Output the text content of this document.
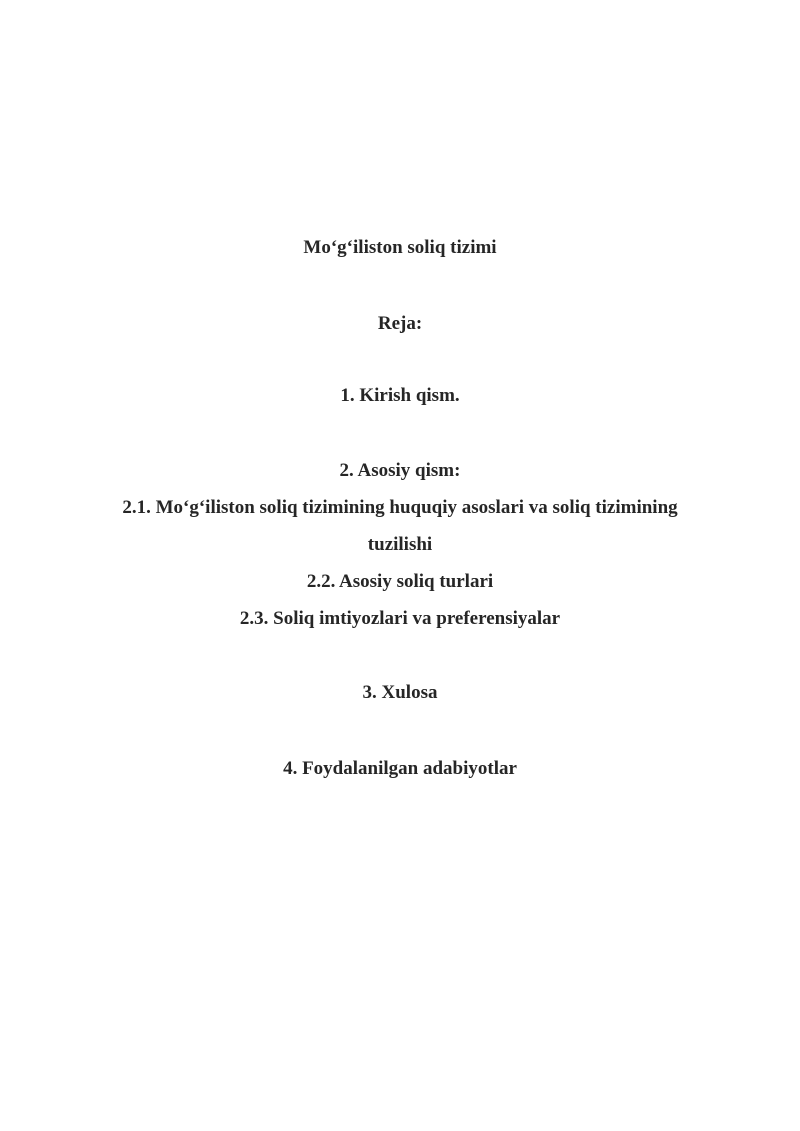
Mo‘g‘iliston soliq tizimi
Reja:
1. Kirish qism.
2. Asosiy qism:
2.1. Mo‘g‘iliston soliq tizimining huquqiy asoslari va soliq tizimining
tuzilishi
2.2. Asosiy soliq turlari
2.3. Soliq imtiyozlari va preferensiyalar
3. Xulosa
4. Foydalanilgan adabiyotlar
